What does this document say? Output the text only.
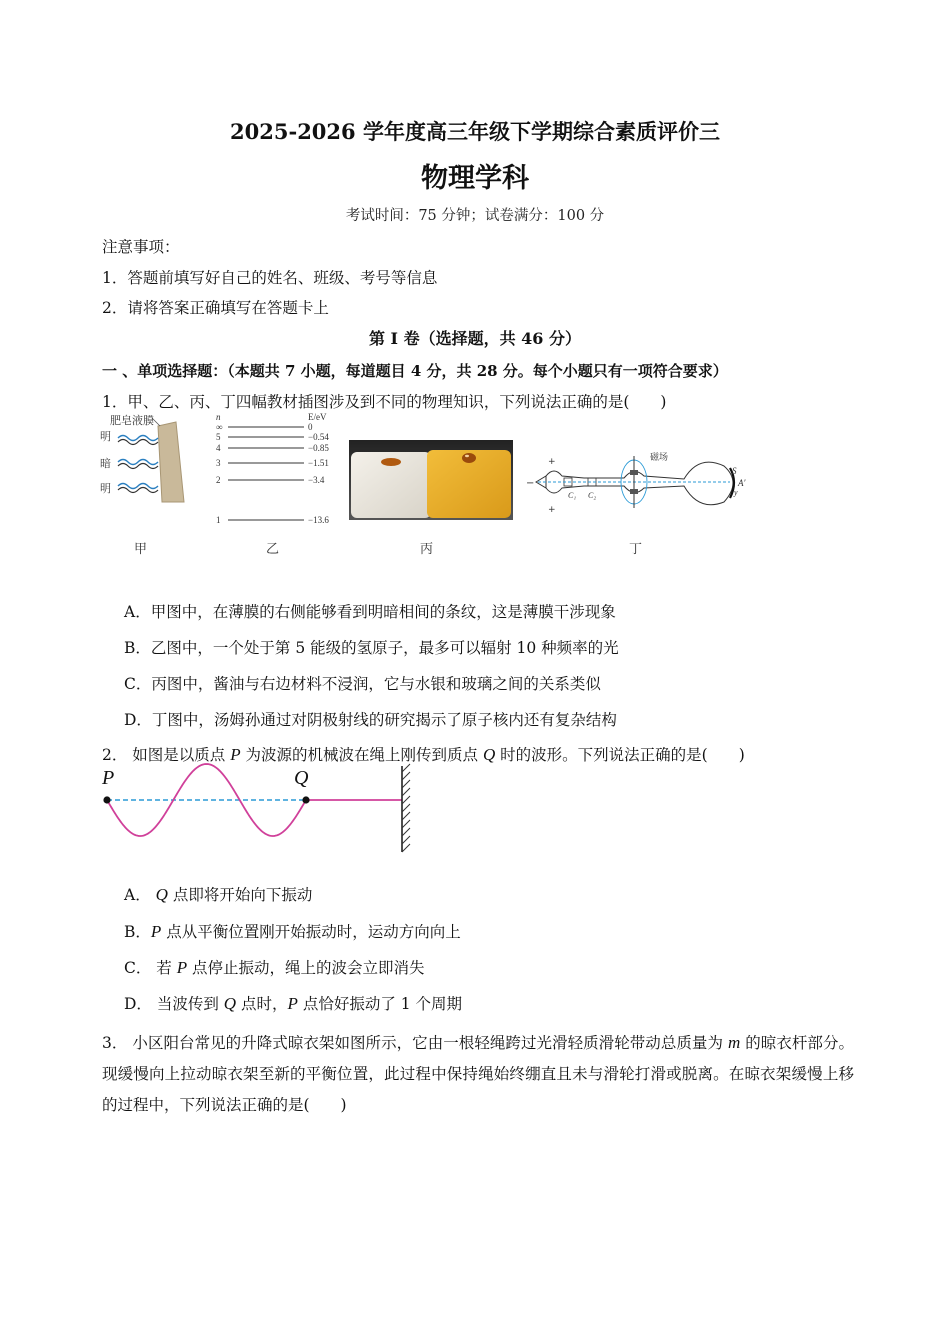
2025-2026 学年度高三年级下学期综合素质评价三
物理学科
考试时间：75 分钟；试卷满分：100 分
注意事项：
1．答题前填写好自己的姓名、班级、考号等信息
2．请将答案正确填写在答题卡上
第 I 卷（选择题，共 46 分）
一 、单项选择题：（本题共 7 小题，每道题目 4 分，共 28 分。每个小题只有一项符合要求）
1．甲、乙、丙、丁四幅教材插图涉及到不同的物理知识，下列说法正确的是(　　)
肥皂液膜
明
暗
明
n	E/eV
∞	0
5	−0.54
4	−0.85
3	−1.51
2	−3.4
1	−13.6
−
+
+
磁场
C₁ C₂
S
A′
y
甲	乙	丙	丁
A．甲图中，在薄膜的右侧能够看到明暗相间的条纹，这是薄膜干涉现象
B．乙图中，一个处于第 5 能级的氢原子，最多可以辐射 10 种频率的光
C．丙图中，酱油与右边材料不浸润，它与水银和玻璃之间的关系类似
D．丁图中，汤姆孙通过对阴极射线的研究揭示了原子核内还有复杂结构
2． 如图是以质点 P 为波源的机械波在绳上刚传到质点 Q 时的波形。下列说法正确的是(　　)
P	Q
A． Q 点即将开始向下振动
B．P 点从平衡位置刚开始振动时，运动方向向上
C． 若 P 点停止振动，绳上的波会立即消失
D． 当波传到 Q 点时，P 点恰好振动了 1 个周期
3． 小区阳台常见的升降式晾衣架如图所示，它由一根轻绳跨过光滑轻质滑轮带动总质量为 m 的晾衣杆部分。现缓慢向上拉动晾衣架至新的平衡位置，此过程中保持绳始终绷直且未与滑轮打滑或脱离。在晾衣架缓慢上移的过程中，下列说法正确的是(　　)
